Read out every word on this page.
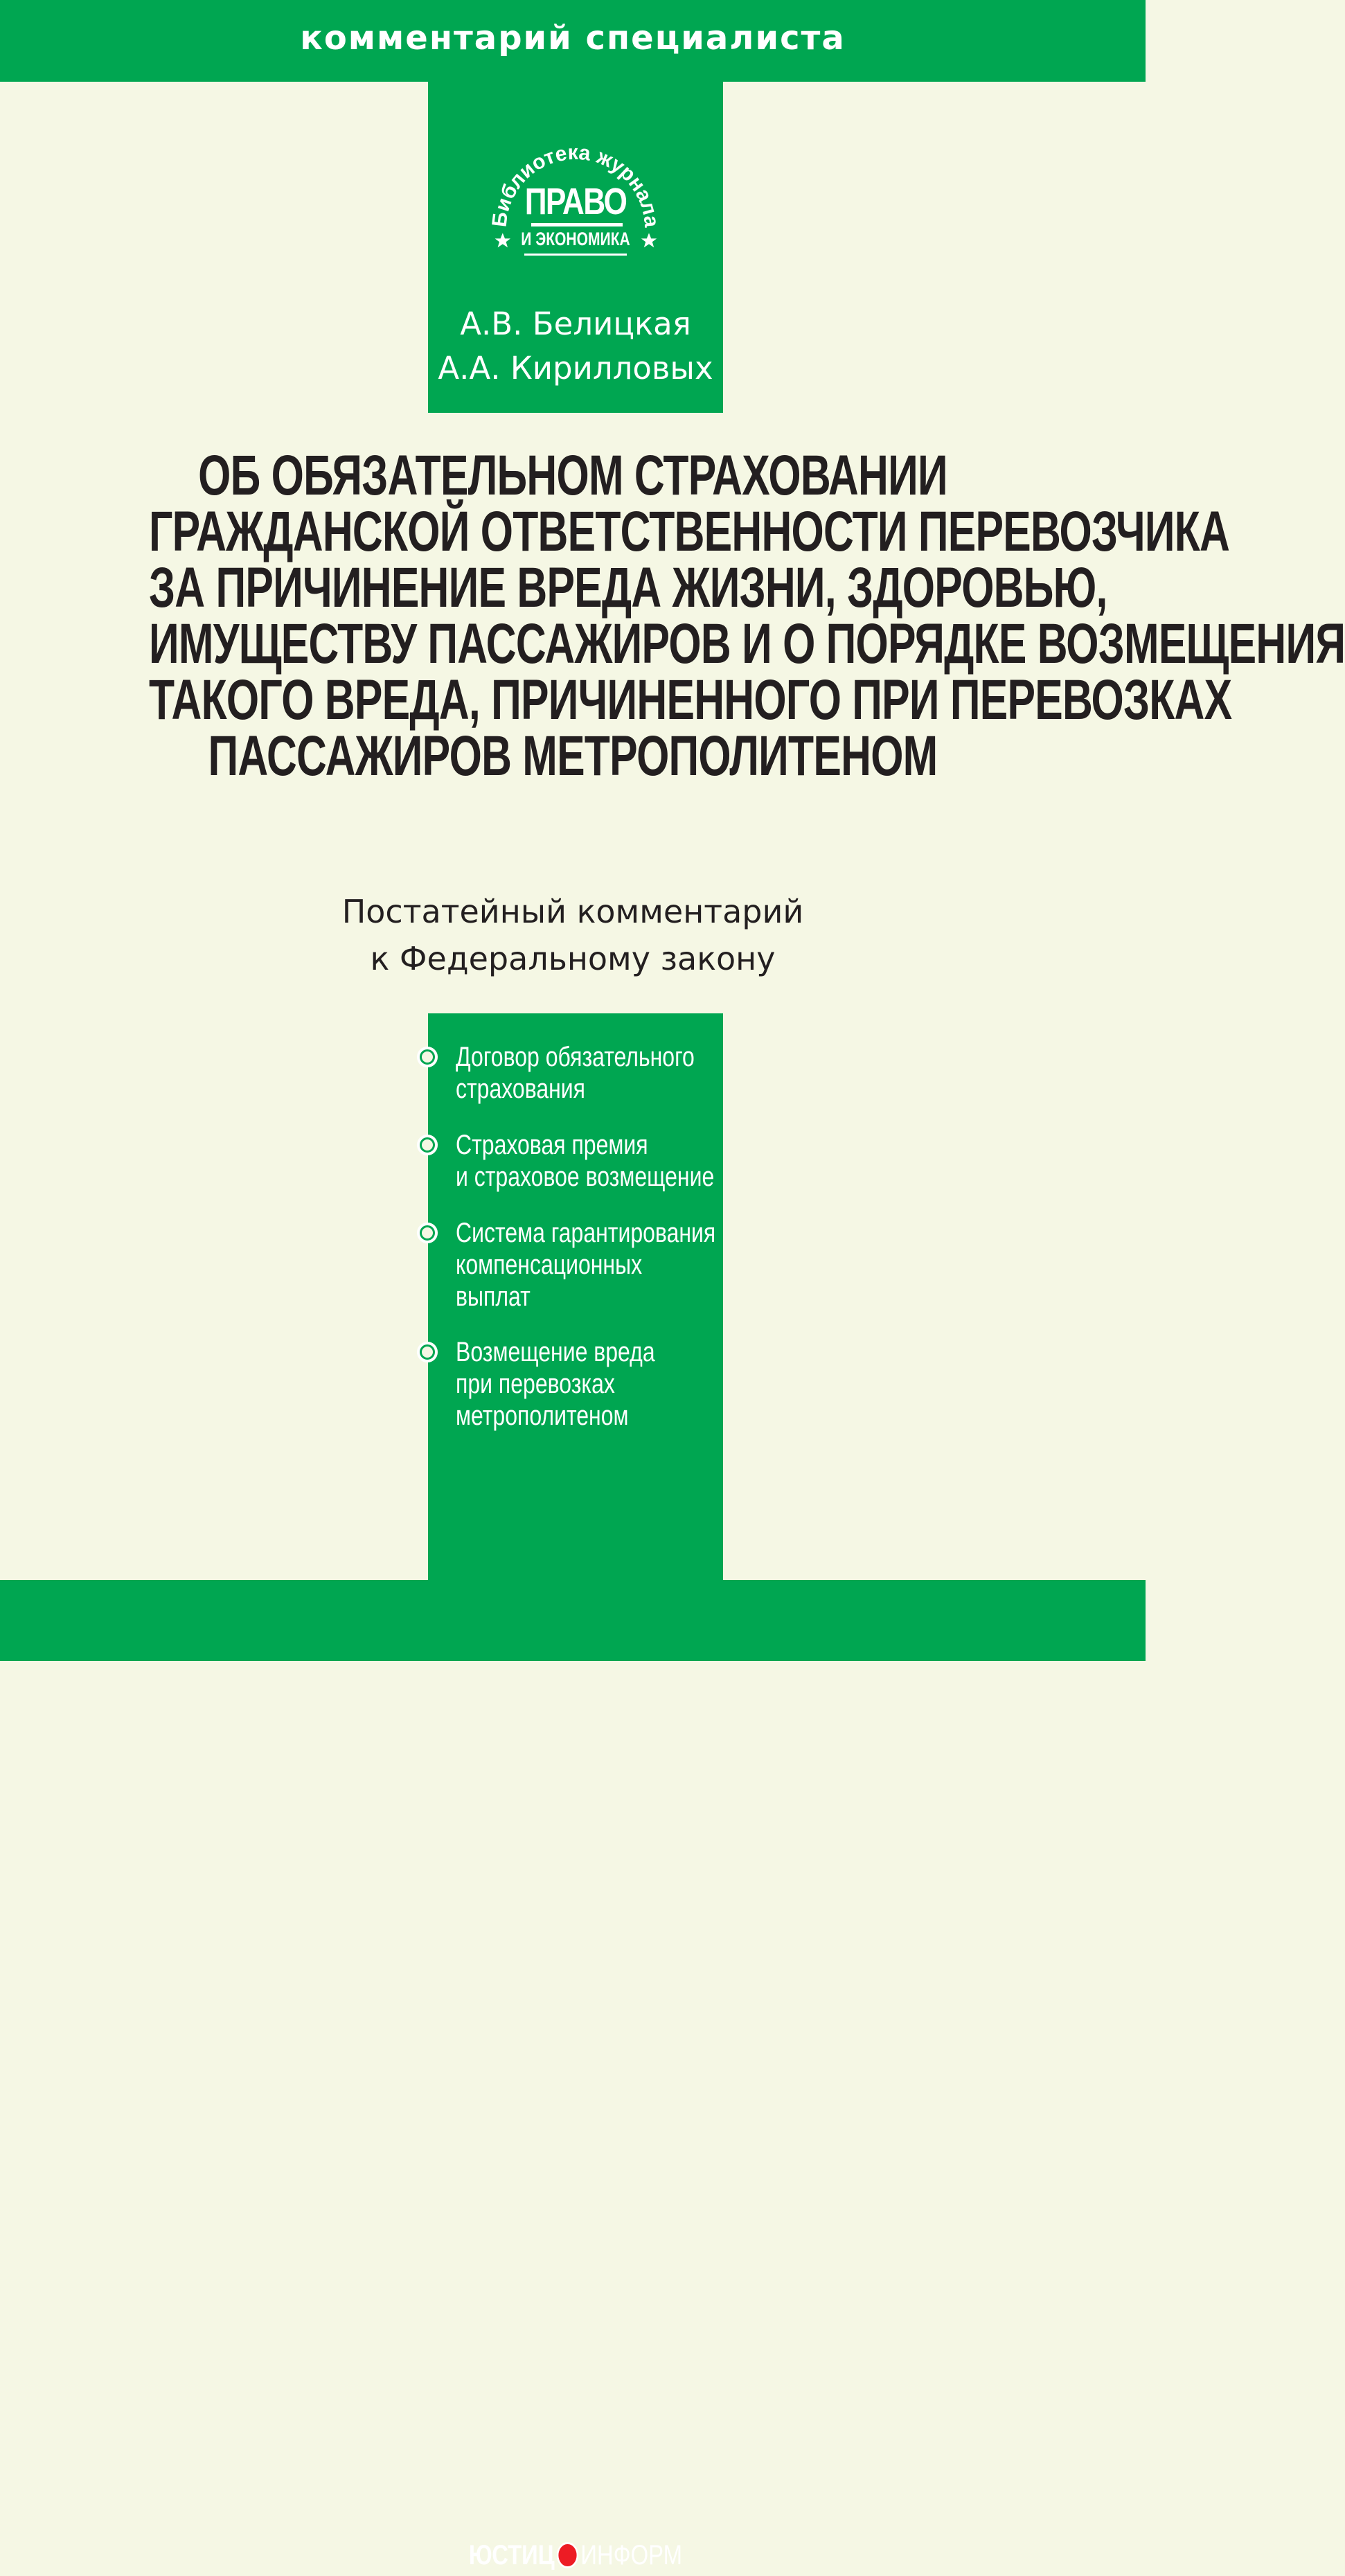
комментарий специалиста
Библиотека журнала
ПРАВО
И ЭКОНОМИКА
А.В. Белицкая
А.А. Кирилловых
ОБ ОБЯЗАТЕЛЬНОМ СТРАХОВАНИИ
ГРАЖДАНСКОЙ ОТВЕТСТВЕННОСТИ ПЕРЕВОЗЧИКА
ЗА ПРИЧИНЕНИЕ ВРЕДА ЖИЗНИ, ЗДОРОВЬЮ,
ИМУЩЕСТВУ ПАССАЖИРОВ И О ПОРЯДКЕ ВОЗМЕЩЕНИЯ
ТАКОГО ВРЕДА, ПРИЧИНЕННОГО ПРИ ПЕРЕВОЗКАХ
ПАССАЖИРОВ МЕТРОПОЛИТЕНОМ
Постатейный комментарий
к Федеральному закону
Договор обязательного
страхования
Страховая премия
и страховое возмещение
Система гарантирования
компенсационных
выплат
Возмещение вреда
при перевозках
метрополитеном
ЮСТИЦ ИНФОРМ
